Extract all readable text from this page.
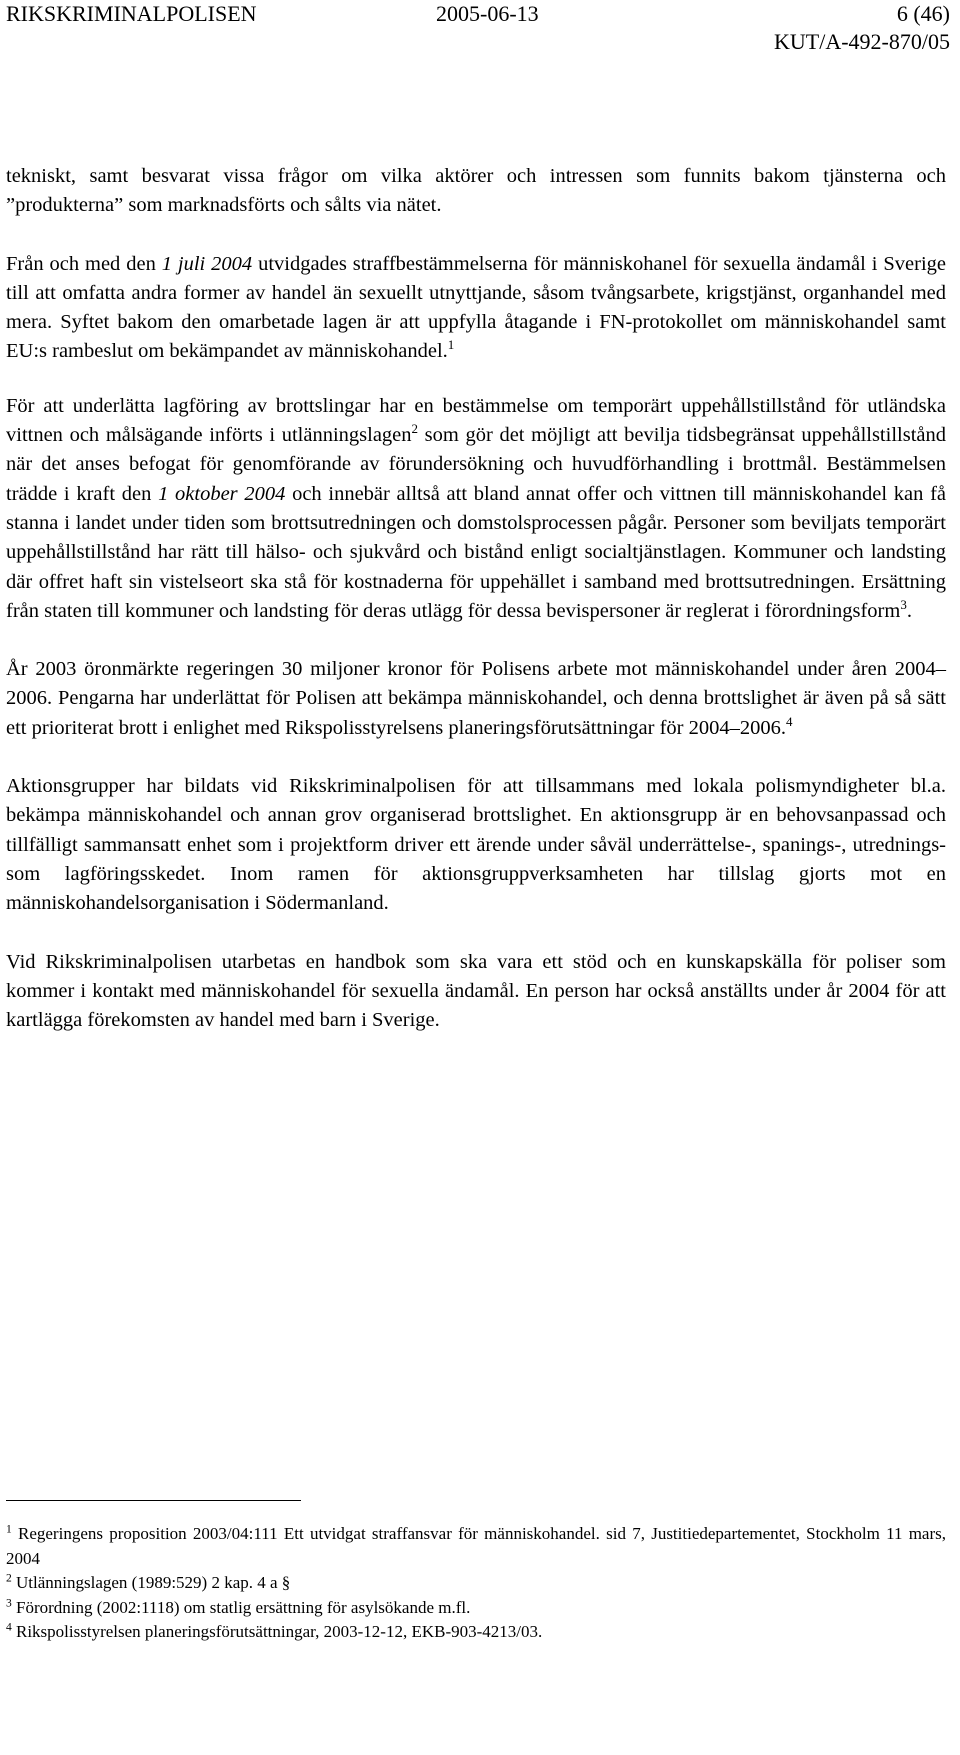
RIKSKRIMINALPOLISEN	2005-06-13	6 (46)
KUT/A-492-870/05

tekniskt, samt besvarat vissa frågor om vilka aktörer och intressen som funnits bakom tjänsterna och ”produkterna” som marknadsförts och sålts via nätet.

Från och med den 1 juli 2004 utvidgades straffbestämmelserna för människohanel för sexuella ändamål i Sverige till att omfatta andra former av handel än sexuellt utnyttjande, såsom tvångsarbete, krigstjänst, organhandel med mera. Syftet bakom den omarbetade lagen är att uppfylla åtagande i FN-protokollet om människohandel samt EU:s rambeslut om bekämpandet av människohandel.$^1$

För att underlätta lagföring av brottslingar har en bestämmelse om temporärt uppehållstillstånd för utländska vittnen och målsägande införts i utlänningslagen$^2$ som gör det möjligt att bevilja tidsbegränsat uppehållstillstånd när det anses befogat för genomförande av förundersökning och huvudförhandling i brottmål. Bestämmelsen trädde i kraft den 1 oktober 2004 och innebär alltså att bland annat offer och vittnen till människohandel kan få stanna i landet under tiden som brottsutredningen och domstolsprocessen pågår. Personer som beviljats temporärt uppehållstillstånd har rätt till hälso- och sjukvård och bistånd enligt socialtjänstlagen. Kommuner och landsting där offret haft sin vistelseort ska stå för kostnaderna för uppehället i samband med brottsutredningen. Ersättning från staten till kommuner och landsting för deras utlägg för dessa bevispersoner är reglerat i förordningsform$^3$.

År 2003 öronmärkte regeringen 30 miljoner kronor för Polisens arbete mot människohandel under åren 2004–2006. Pengarna har underlättat för Polisen att bekämpa människohandel, och denna brottslighet är även på så sätt ett prioriterat brott i enlighet med Rikspolisstyrelsens planeringsförutsättningar för 2004–2006.$^4$

Aktionsgrupper har bildats vid Rikskriminalpolisen för att tillsammans med lokala polismyndigheter bl.a. bekämpa människohandel och annan grov organiserad brottslighet. En aktionsgrupp är en behovsanpassad och tillfälligt sammansatt enhet som i projektform driver ett ärende under såväl underrättelse-, spanings-, utrednings- som lagföringsskedet. Inom ramen för aktionsgruppverksamheten har tillslag gjorts mot en människohandelsorganisation i Södermanland.

Vid Rikskriminalpolisen utarbetas en handbok som ska vara ett stöd och en kunskapskälla för poliser som kommer i kontakt med människohandel för sexuella ändamål. En person har också anställts under år 2004 för att kartlägga förekomsten av handel med barn i Sverige.

$^1$ Regeringens proposition 2003/04:111 Ett utvidgat straffansvar för människohandel. sid 7, Justitiedepartementet, Stockholm 11 mars, 2004

$^2$ Utlänningslagen (1989:529) 2 kap. 4 a §

$^3$ Förordning (2002:1118) om statlig ersättning för asylsökande m.fl.

$^4$ Rikspolisstyrelsen planeringsförutsättningar, 2003-12-12, EKB-903-4213/03.
